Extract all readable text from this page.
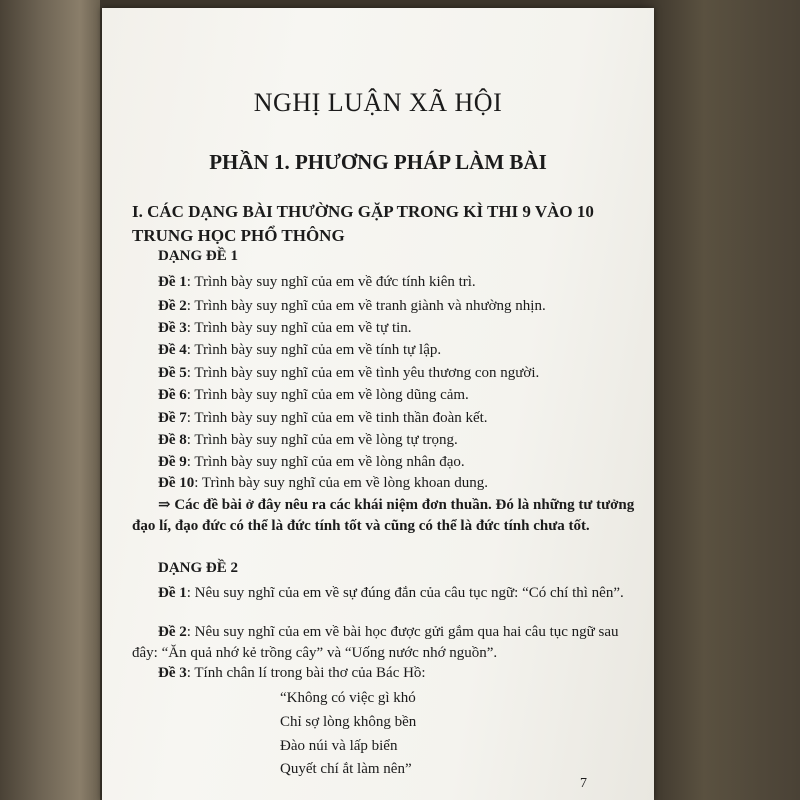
NGHỊ LUẬN XÃ HỘI
PHẦN 1. PHƯƠNG PHÁP LÀM BÀI
I. CÁC DẠNG BÀI THƯỜNG GẶP TRONG KÌ THI 9 VÀO 10 TRUNG HỌC PHỔ THÔNG
DẠNG ĐỀ 1
Đề 1: Trình bày suy nghĩ của em về đức tính kiên trì.
Đề 2: Trình bày suy nghĩ của em về tranh giành và nhường nhịn.
Đề 3: Trình bày suy nghĩ của em về tự tin.
Đề 4: Trình bày suy nghĩ của em về tính tự lập.
Đề 5: Trình bày suy nghĩ của em về tình yêu thương con người.
Đề 6: Trình bày suy nghĩ của em về lòng dũng cảm.
Đề 7: Trình bày suy nghĩ của em về tinh thần đoàn kết.
Đề 8: Trình bày suy nghĩ của em về lòng tự trọng.
Đề 9: Trình bày suy nghĩ của em về lòng nhân đạo.
Đề 10: Trình bày suy nghĩ của em về lòng khoan dung.
⇒ Các đề bài ở đây nêu ra các khái niệm đơn thuần. Đó là những tư tưởng đạo lí, đạo đức có thể là đức tính tốt và cũng có thể là đức tính chưa tốt.
DẠNG ĐỀ 2
Đề 1: Nêu suy nghĩ của em về sự đúng đắn của câu tục ngữ: “Có chí thì nên”.
Đề 2: Nêu suy nghĩ của em về bài học được gửi gắm qua hai câu tục ngữ sau đây: “Ăn quả nhớ kẻ trồng cây” và “Uống nước nhớ nguồn”.
Đề 3: Tính chân lí trong bài thơ của Bác Hồ:
“Không có việc gì khó
Chỉ sợ lòng không bền
Đào núi và lấp biển
Quyết chí ắt làm nên”
7
